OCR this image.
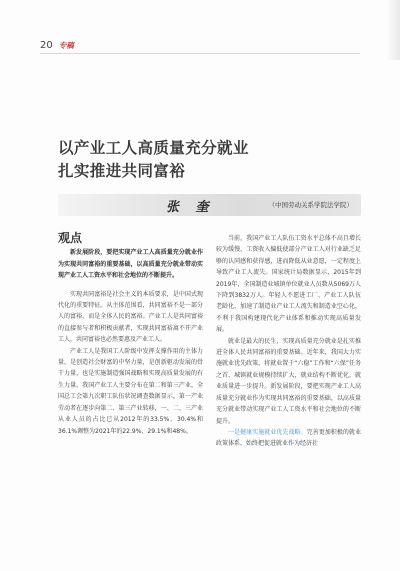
20 专稿
以产业工人高质量充分就业
扎实推进共同富裕
张 奎	（中国劳动关系学院法学院）
观点

新发展阶段，要把实现产业工人高质量充分就业作为实现共同富裕的重要基础，以高质量充分就业带动实现产业工人工资水平和社会地位的不断提升。

实现共同富裕是社会主义的本质要求，是中国式现代化的重要特征。从主体范围看，共同富裕不是一部分人的富裕，而是全体人民的富裕。产业工人是共同富裕的直接参与者和积极贡献者，实现共同富裕离不开产业工人，共同富裕也必然要惠及产业工人。

产业工人是我国工人阶级中发挥支撑作用的主体力量，是创造社会财富的中坚力量，是创新驱动发展的骨干力量，也是实施制造强国战略和实现高质量发展的有生力量。我国产业工人主要分布在第二和第三产业，全国总工会第九次职工队伍状况调查数据显示，第一产业劳动者在逐步向第二、第三产业转移，一、二、三产业从业人员的占比已从2012年的33.5%、30.4%和36.1%调整为2021年的22.9%、29.1%和48%。

当前，我国产业工人队伍工资水平总体不高且增长较为缓慢，工资收入偏低使部分产业工人对行业缺乏足够的认同感和获得感，进而降低从业意愿，一定程度上导致产业工人流失。国家统计局数据显示，2015年到2019年，全国制造业城镇单位就业人员数从5069万人下降到3832万人。年轻人不愿进工厂、产业工人队伍老龄化，加速了制造业产业工人流失和制造业空心化，不利于我国构建现代化产业体系和推动实现高质量发展。

就业是最大的民生，实现高质量充分就业是扎实推进全体人民共同富裕的重要基础。近年来，我国大力实施就业优先政策，将就业置于“六稳”工作和“六保”任务之首，城镇就业规模持续扩大，就业结构不断优化，就业质量进一步提升。新发展阶段，要把实现产业工人高质量充分就业作为实现共同富裕的重要基础，以高质量充分就业带动实现产业工人工资水平和社会地位的不断提升。

一是健康实施就业优先战略。完善更加积极的就业政策体系，始终把促进就业作为经济社
